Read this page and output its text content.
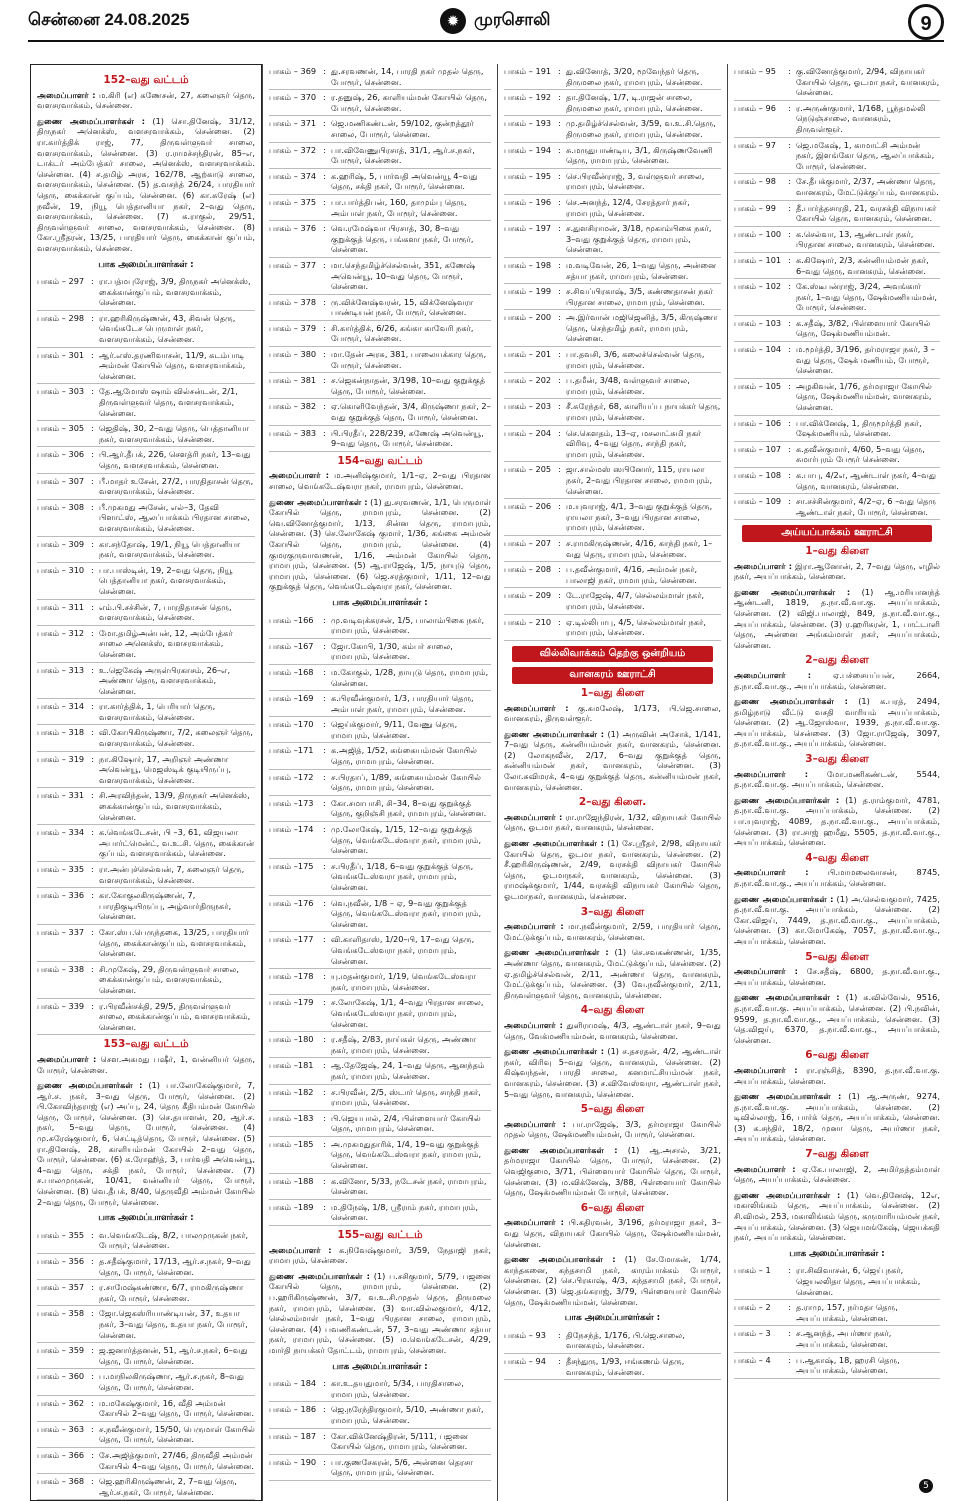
சென்னை 24.08.2025	✹ முரசொலி	9
152–வது வட்டம்

அமைப்பாளர் : ம.கிரி (எ) கணேசன், 27, கலைஞர் தெரு, வளசரவாக்கம், சென்னை.

துணை அமைப்பாளர்கள் : (1) சொ.தினேஷ், 31/12, திருநகர் அனெக்ஸ், வளசரவாக்கம், சென்னை. (2) ரா.கார்த்திக் ராஜ், 77, திருவள்ளுவர் சாலை, வளசரவாக்கம், சென்னை. (3) ர.ராமச்சந்திரன், 85–எ, டாக்டர் அம்பேத்கர் சாலை, அனெக்ஸ், வளசரவாக்கம். சென்னை. (4) ச.தமிழ் அரசு, 162/78, ஆற்காடு சாலை, வளசரவாக்கம், சென்னை. (5) த.வசந்த் 26/24, பாரதியார் தெரு, கைக்கான் குப்பம், சென்னை. (6) கா.சுரேஷ் (எ) நவீன், 19, நியூ பெத்தானியா நகர், 2–வது தெரு, வளசரவாக்கம், சென்னை. (7) க.ராகுல், 29/51, திருவள்ளுவர் சாலை, வளசரவாக்கம், சென்னை. (8) கோ.ஸ்ரீதரன், 13/25, பாரதியார் தெரு, கைக்கான் குப்பம், வளசரவாக்கம், சென்னை.

பாக அமைப்பாளர்கள் :
பாகம் – 297 : ரா.பத்மபுரோஜ், 3/9, திருநகர் அனெக்ஸ், கைக்கான்குப்பம், வளசரவாக்கம், சென்னை.
பாகம் – 298 : ரா.ஹரிகிருஷ்ணன், 43, சிவன் தெரு, வெங்கடேச பெருமாள் நகர், வளசரவாக்கம், சென்னை.
பாகம் – 301 : ஆர்.எஸ்.தரணிவாசன், 11/9, கடம்பாடி அம்மன் கோயில் தெரு, வளசரவாக்கம், சென்னை.
பாகம் – 303 : தே.ஆமோஸ் ஷாம் வில்சன்டன், 2/1, திருவள்ளுவர் தெரு, வளசரவாக்கம், சென்னை.
பாகம் – 305 : ஜெதிஷ், 30, 2–வது தெரு, பெத்தானியா நகர், வளசரவாக்கம், சென்னை.
பாகம் – 306 : பி.ஆர்.தீபக், 226, சௌத்ரி நகர், 13–வது தெரு, வளசரவாக்கம், சென்னை.
பாகம் – 307 : பீ.மாதர் உசேன், 27/2, பாரதிதாசன் தெரு, வளசரவாக்கம், சென்னை.
பாகம் – 308 : பீ.முகமது அசேன், எல்–3, தேவி பிளாட்ஸ், ஆலப்பாக்கம் பிரதான சாலை, வளசரவாக்கம், சென்னை.
பாகம் – 309 : கா.சந்தோஷ், 19/1, நியூ பெத்தானியா நகர், வளசரவாக்கம், சென்னை.
பாகம் – 310 : பா.பாஸ்டின், 19, 2–வது தெரு, நியூ பெத்தானியா நகர், வளசரவாக்கம், சென்னை.
பாகம் – 311 : எம்.பி.சச்சின், 7, பாரதிதாசன் தெரு, வளசரவாக்கம், சென்னை.
பாகம் – 312 : மோ.தமிழ்அன்பன், 12, அம்பேத்கர் சாலை அனெக்ஸ், வளசரவாக்கம், சென்னை.
பாகம் – 313 : உ.ஜெகேஷ் அருள்பிரகாசம், 26–எ, அண்ணா தெரு, வளசரவாக்கம், சென்னை.
பாகம் – 314 : ரா.கார்த்திக், 1, பெரியார் தெரு, வளசரவாக்கம், சென்னை.
பாகம் – 318 : வி.கோபிகிருஷ்ணா, 7/2, கலைஞர் தெரு, வளசரவாக்கம், சென்னை.
பாகம் – 319 : நா.கிஷோர், 17, அறிஞர் அண்ணா அவென்யூ, மெஜஸ்டிக் குடியிருப்பு, வளசரவாக்கம், சென்னை.
பாகம் – 331 : சி.அரவிந்தன், 13/9, திருநகர் அனெக்ஸ், கைக்கான்குப்பம், வளசரவாக்கம், சென்னை.
பாகம் – 334 : க.வெங்கடேசன், பி –3, 61, விஜயலா அபார்ட்மென்ட், வ.உ.சி. தெரு, கைக்கான் குப்பம், வளசரவாக்கம், சென்னை.
பாகம் – 335 : ரா.அன்புச்செல்வன், 7, கலைஞர் தெரு, வளசரவாக்கம், சென்னை.
பாகம் – 336 : கா.கோகுலகிருஷ்ணன், 7, பாரதிகுடியிருப்பு, அழ்வார்திருநகர், சென்னை.
பாகம் – 337 : கோ.ஸ்ப.பெருந்தகை, 13/25, பாரதியார் தெரு, கைக்கான்குப்பம், வளசரவாக்கம், சென்னை.
பாகம் – 338 : சி.முகேஷ், 29, திருவள்ளுவர் சாலை, கைக்கான்குப்பம், வளசரவாக்கம், சென்னை.
பாகம் – 339 : ர.பிரவீன்சக்தி, 29/5, திருவள்ளுவர் சாலை, கைக்கான்குப்பம், வளசரவாக்கம், சென்னை.
153–வது வட்டம்

அமைப்பாளர் : சௌ.அகமது பஷீர், 1, வன்னியர் தெரு, போரூர், சென்னை.

துணை அமைப்பாளர்கள் : (1) பா.லோகேஷ்குமார், 7, ஆர்.ச. நகர், 3–வது தெரு, போரூர், சென்னை. (2) பி.கோவிந்தராஜ் (எ) அப்பு, 24, தெரு கீதிபம்மன் கோயில் தெரு, போரூர், சென்னை. (3) செ.தயாளன், 20, ஆர்.ச. நகர், 5–வது தெரு, போரூர், சென்னை. (4) மு.சுரேஷ்குமார், 6, செட்டித்தெரு, போரூர், சென்னை. (5) ரா.தினேஷ், 28, காளியம்மன் கோயில் 2–வது தெரு, போரூர், சென்னை. (6) க.ரோஹித், 3, பார்வதி அவென்யூ, 4–வது தெரு, சக்தி நகர், போரூர், சென்னை. (7) ச.பாலமுருகன், 10/41, வன்னியர் தெரு, போரூர், சென்னை. (8) வெ.தீபக், 8/40, தெருவீதி அம்மன் கோயில் 2–வது தெரு, போரூர், சென்னை.

பாக அமைப்பாளர்கள் :
பாகம் – 355 : வ.வெங்கடேஷ், 8/2, பாலமுருகன் நகர், போரூர், சென்னை.
பாகம் – 356 : த.சதீஷ்குமார், 17/13, ஆர்.ச.நகர், 9–வது தெரு, போரூர், சென்னை.
பாகம் – 357 : ர.சாமேஷ்கண்ணா, 6/7, ராமகிருஷ்ணா நகர், போரூர், சென்னை.
பாகம் – 358 : ஜோ.ஜெகஸ்ரியாண்டியன், 37, உதயா நகர், 3–வது தெரு, உதயா நகர், போரூர், சென்னை.
பாகம் – 359 : ஜ.ஜனார்த்தனன், 51, ஆர்.ச.நகர், 6–வது தெரு, போரூர், சென்னை.
பாகம் – 360 : ப.மாநிலகிருஷ்ணா, ஆர்.ச.நகர், 8–வது தெரு, போரூர், சென்னை.
பாகம் – 362 : ம.மகேஷ்குமார், 16, வீதி அம்மன் கோயில் 2–வது தெரு, போரூர், சென்னை.
பாகம் – 363 : ச.நவீன்குமார், 15/50, பெருமாள் கோயில் தெரு, போரூர், சென்னை.
பாகம் – 366 : சே.அஜித்குமார், 27/46, திருவீதி அம்மன் கோயில் 4–வது தெரு, போரூர், சென்னை.
பாகம் – 368 : ஜெ.ஹரிகிருஷ்ணன், 2, 7–வது தெரு, ஆர்.ச.நகர், போரூர், சென்னை.
பாகம் – 369 : து.சரவணன், 14, பாரதி நகர் முதல் தெரு, போரூர், சென்னை.
பாகம் – 370 : ர.தனுஷ், 26, காளியம்மன் கோயில் தெரு, போரூர், சென்னை.
பாகம் – 371 : ஜெ.மணிகண்டன், 59/102, குன்றத்தூர் சாலை, போரூர், சென்னை.
பாகம் – 372 : பா.விவேணுபிரசாத், 31/1, ஆர்.ச.நகர், போரூர், சென்னை.
பாகம் – 374 : க.ஹரிஷ், 5, பார்வதி அவென்யூ 4–வது தெரு, சக்தி நகர், போரூர், சென்னை.
பாகம் – 375 : பா.பார்த்திபன், 160, தாமும்பு தெரு, அம்பாள் நகர், போரூர், சென்னை.
பாகம் – 376 : வெ.ரமேஷ்வா பிரசாத், 30, 8–வது குறுக்குத் தெரு, பங்களா நகர், போரூர், சென்னை.
பாகம் – 377 : மா.செந்தமிழ்ச்செல்வன், 351, கணேஷ் அவென்யூ, 10–வது தெரு, போரூர், சென்னை.
பாகம் – 378 : ரு.விக்னேஷ்வரன், 15, விக்னேஷ்வரா பாண்டியன் நகர், போரூர், சென்னை.
பாகம் – 379 : சி.கார்த்திக், 6/26, கங்கா காவேரி நகர், போரூர், சென்னை.
பாகம் – 380 : மா.தேன் அரசு, 381, பாலையக்கார தெரு, போரூர், சென்னை.
பாகம் – 381 : ச.ஜெகன்நாதன், 3/198, 10–வது குறுக்குத் தெரு, போரூர், சென்னை.
பாகம் – 382 : ஏ.கொளிவேந்தன், 3/4, கிருஷ்ணா நகர், 2–வது குறுக்குத் தெரு, போரூர், சென்னை.
பாகம் – 383 : பி.பிரதீப், 228/239, கணேஷ் அவென்யூ, 9–வது தெரு, போரூர், சென்னை.
154–வது வட்டம்

அமைப்பாளர் : ம.அனிஷ்குமார், 1/1–ஏ, 2–வது பிரதான சாலை, வெங்கடேஷ்வரா நகர், ராமாபுரம், சென்னை.

துணை அமைப்பாளர்கள் : (1) து.சரவணன், 1/1, பெருமாள் கோயில் தெரு, ராமாபுரம், சென்னை. (2) வெ.வினோத்குமார், 1/13, சின்ன தெரு, ராமாபுரம், சென்னை. (3) செ.லோகேஷ் குமார், 1/36, கங்கை அம்மன் கோயில் தெரு, ராமாபுரம், சென்னை. (4) குமரகுருவாவணன், 1/16, அம்மன் கோயில் தெரு, ராமாபுரம், சென்னை. (5) ஆ.ராஜேஷ், 1/5, நாயுடு தெரு, ராமாபுரம், சென்னை. (6) ஜெ.சரத்குமார், 1/11, 12–வது குறுக்குத் தெரு, வெங்கடேஷ்வரா நகர், சென்னை.

பாக அமைப்பாளர்கள் :
பாகம் –166	: மு.வடிவுக்கரசன், 1/5, பாலாம்பிகை நகர், ராமாபுரம், சென்னை.
பாகம் –167	: ஜோ.கோபி, 1/30, கம்பர் சாலை, ராமாபுரம், சென்னை.
பாகம் –168	: ம.கோகுல், 1/28, நாயுடு தெரு, ராமாபுரம், சென்னை.
பாகம் –169	: க.பிரவீன்குமார், 1/3, பாரதியார் தெரு, அம்பாள் நகர், ராமாபுரம், சென்னை.
பாகம் –170	: ஜெய்க்குமார், 9/11, வேணு தெரு, ராமாபுரம், சென்னை.
பாகம் –171	: க.அஜித், 1/52, கங்கையம்மன் கோயில் தெரு, ராமாபுரம், சென்னை.
பாகம் –172	: ச.பிரதாப், 1/89, கங்கையம்மன் கோயில் தெரு, ராமாபுரம், சென்னை.
பாகம் –173	: கோ.சமாபாசி, சி–34, 8–வது குறுக்குத் தெரு, குறிஞ்சி நகர், ராமாபுரம், சென்னை.
பாகம் –174	: மு.லோகேஷ், 1/15, 12–வது குறுக்குத் தெரு, வெங்கடேஸ்வரா நகர், ராமாபுரம், சென்னை.
பாகம் –175	: ச.பிரதீப், 1/18, 6–வது குறுக்குத் தெரு, வெங்கடேஸ்வரா நகர், ராமாபுரம், சென்னை.
பாகம் –176	: வெ.நவீன், 1/8 – ஏ, 9–வது குறுக்குத் தெரு, வெங்கடேஸ்வரா நகர், ராமாபுரம், சென்னை.
பாகம் –177	: வி.காளிதாஸ், 1/20–பி, 17–வது தெரு, வெங்கடேஸ்வரா நகர், ராமாபுரம், சென்னை.
பாகம் –178	: யு.மதன்குமார், 1/19, வெங்கடேஸ்வரா நகர், ராமாபுரம், சென்னை.
பாகம் –179	: ச.லோகேஷ், 1/1, 4–வது பிரதான சாலை, வெங்கடேஸ்வரா நகர், ராமாபுரம், சென்னை.
பாகம் –180	: ர.சதீஷ், 2/83, நாய்கள் தெரு, அண்ணா நகர், ராமாபுரம், சென்னை.
பாகம் –181	: ஆ.தேஜேஷ், 24, 1–வது தெரு, ஆனந்தம் நகர், ராமாபுரம், சென்னை.
பாகம் –182	: ச.பிரவீன், 2/5, ஸ்டார் தெரு, சாந்தி நகர், ராமாபுரம், சென்னை.
பாகம் –183	: பி.ஜெயபால், 2/4, பிள்ளையார் கோயில் தெரு, ராமாபுரம், சென்னை.
பாகம் –185	: அ.முகமதுதாரிக், 1/4, 19–வது குறுக்குத் தெரு, வெங்கடேஸ்வரா நகர், ராமாபுரம், சென்னை.
பாகம் –188	: க.வினோ, 5/33, நடேசன் நகர், ராமாபுரம், சென்னை.
பாகம் –189	: ம.திநேஷ், 1/8, ஸ்ரீராம் நகர், ராமாபுரம், சென்னை.
155–வது வட்டம்

அமைப்பாளர் : க.நிவேஷ்குமார், 3/59, நேதாஜி நகர், ராமாபுரம், சென்னை.

துணை அமைப்பாளர்கள் : (1) ப.சசிகுமார், 5/79, பஜனை கோயில் தெரு, ராமாபுரம், சென்னை. (2) ப.ஹரிகிருஷ்ணன், 3/7, வ.உ.சி.முதல் தெரு, திருமலை நகர், ராமாபுரம், சென்னை. (3) வா.வில்லகுமார், 4/12, செல்லம்மாள் நகர், 1–வது பிரதான சாலை, ராமாபுரம், சென்னை. (4) பவணிகண்டன், 57, 3–வது அண்ணா சத்யா நகர், ராமாபுரம், சென்னை. (5) ம.வெங்கடேசன், 4/29, மார்தி நாயக்கர் தோட்டம், ராமாபுரம், சென்னை.

பாக அமைப்பாளர்கள் :
பாகம் – 184 : கா.உ.தயதுமார், 5/34, பாரதிசாலை, ராமாபுரம், சென்னை.
பாகம் – 186 : ஜெ.நரேந்திரகுமார், 5/10, அண்ணா நகர், ராமாபுரம், சென்னை.
பாகம் – 187 : கோ.விக்னேஷ்திரன், 5/111, பஜனை கோயில் தெரு, ராமாபுரம், சென்னை.
பாகம் – 190 : பா.குணசேகரன், 5/6, அன்னை தெரசா தெரு, ராமாபுரம், சென்னை.
பாகம் – 191 : து.வினோத், 3/20, மூவேந்தர் தெரு, திருமலை நகர், ராமாபுரம், சென்னை.
பாகம் – 192 : தா.தினேஷ், 1/7, டி.ராஜன் சாலை, திருமலை நகர், ராமாபுரம், சென்னை.
பாகம் – 193 : மு.தமிழ்ச்செல்வன், 3/59, வ.உ.சி.தெரு, திருமலை நகர், ராமாபுரம், சென்னை.
பாகம் – 194 : சு.மருதுபாண்டிய, 3/1, கிருஷ்ணவேணி தெரு, ராமாபுரம், சென்னை.
பாகம் – 195 : செ.பிரவீன்ராஜ், 3, வள்ளுவர் சாலை, ராமாபுரம், சென்னை.
பாகம் – 196 : செ.அனந்த், 12/4, சேரத்தார் நகர், ராமாபுரம், சென்னை.
பாகம் – 197 : ச.துளசிராமன், 3/18, மூகாம்பிகை நகர், 3–வது குறுக்குத் தெரு, ராமாபுரம், சென்னை.
பாகம் – 198 : ம.வடிவேன், 26, 1–வது தெரு, அன்னை சத்யா நகர், ராமாபுரம், சென்னை.
பாகம் – 199 : ச.சிவப்பிரகாஷ், 3/5, கண்ணதாசன் நகர் பிரதான சாலை, ராமாபுரம், சென்னை.
பாகம் – 200 : அ.இர்வான் மஜிஜெனித், 3/5, கிருஷ்ணா தெரு, செந்தமிழ் நகர், ராமாபுரம், சென்னை.
பாகம் – 201 : பா.தவசி, 3/6, கலைச்செல்வன் தெரு, ராமாபுரம், சென்னை.
பாகம் – 202 : ப.தமீன், 3/48, வள்ளுவர் சாலை, ராமாபுரம், சென்னை.
பாகம் – 203 : சீ.சுரேந்தர், 68, காளியப்ப நாயக்கர் தெரு, ராமாபுரம், சென்னை.
பாகம் – 204 : செ.கௌதம், 13–ஏ, மசலாட்சுமி நகர் விரிவு, 4–வது தெரு, சாந்தி நகர், ராமாபுரம், சென்னை.
பாகம் – 205 : ஜா.சால்மஸ் ஸபினோர், 115, ராயலா நகர், 2–வது பிரதான சாலை, ராமாபுரம், சென்னை.
பாகம் – 206 : ம.யுவராஜ், 4/1, 3–வது குறுக்குத் தெரு, ராயலா நகர், 3–வது பிரதான சாலை, ராமாபுரம், சென்னை.
பாகம் – 207 : ச.ராமகிருஷ்ணன், 4/16, காந்தி நகர், 1–வது தெரு, ராமாபுரம், சென்னை.
பாகம் – 208 : ப.தவீன்குமார், 4/16, அம்மன் நகர், பாலாஜி நகர், ராமாபுரம், சென்னை.
பாகம் – 209 : டே.ராஜேஷ், 4/7, செல்லம்மாள் நகர், ராமாபுரம், சென்னை.
பாகம் – 210 : ஏ.டில்லிபாபு, 4/5, செல்லம்மாள் நகர், ராமாபுரம், சென்னை.
வில்லிவாக்கம் தெற்கு ஒன்றியம்
வானகரம் ஊராட்சி
1–வது கிளை

அமைப்பாளர் : கு.சுமலேஷ், 1/173, பி.ஜெ.சாலை, வானகரம், திருவள்ளூர்.

துணை அமைப்பாளர்கள் : (1) அருவின் அசோக், 1/141, 7–வது தெரு, கன்னியம்மன் நகர், வானகரம், சென்னை. (2) லோகநவீன், 2/17, 6–வது குறுக்குத் தெரு, கன்னியம்மன் நகர், வானகரம், சென்னை. (3) லோ.சுவிமரக், 4–வது குறுக்குத் தெரு, கன்னியம்மன் நகர், வானகரம், சென்னை.

2–வது கிளை.

அமைப்பாளர் : ரா.ராஜேந்திரன், 1/32, விநாயகர் கோயில் தெரு, ஓடமா நகர், வானகரம், சென்னை.

துணை அமைப்பாளர்கள் : (1) சே.ஸ்ரீதர், 2/98, விநாயகர் கோயில் தெரு, ஓடமா நகர், வானகரம், சென்னை. (2) சீ.ஹரிகிருஷ்ணன், 2/49, வரசக்தி விநாயகர் கோயில் தெரு, ஓடமாநகர், வானகரம், சென்னை. (3) ராமஷ்க்குமார், 1/44, வரசக்தி விநாயகர் கோயில் தெரு, ஓடமாநகர், வானகரம், சென்னை.

3–வது கிளை

அமைப்பாளர் : மா.நவீன்குமார், 2/59, பாரதியார் தெரு, மேட்டுக்குப்பம், வானகரம், சென்னை.

துணை அமைப்பாளர்கள் : (1) செ.சவகண்ணன், 1/35, அண்ணா தெரு, வானகரம், மேட்டுக்குப்பம், சென்னை. (2) ஏ.தமிழ்ச்செல்வன், 2/11, அண்ணா தெரு, வானகரம், மேட்டுக்குப்பம், சென்னை. (3) வே.நவீன்குமார், 2/11, திருவள்ளுவர் தெரு, வானகரம், சென்னை.

4–வது கிளை

அமைப்பாளர் : துளிராமஷ், 4/3, ஆண்டாள் நகர், 9–வது தெரு, வேக்மணியம்மன், வானகரம், சென்னை.

துணை அமைப்பாளர்கள் : (1) ச.தசரதன், 4/2, ஆண்டாள் நகர், விரிவு 5–வது தெரு, வானகரம், சென்னை. (2) கிஷ்வந்தன், பாரதி சாலை, கனமாட்சியம்மன் நகர், வானகரம், சென்னை. (3) ச.விவேஸ்வரா, ஆண்டாள் நகர், 5–வது தெரு, வானகரம், சென்னை.

5–வது கிளை

அமைப்பாளர் : பா.ராஜேஷ், 3/3, தர்மராஜா கோயில் முதல் தெரு, ஷேக்மணியம்மன், போரூர், சென்னை.

துணை அமைப்பாளர்கள் : (1) ஆ.அசால், 3/21, தர்மராஜா கோயில் தெரு, போரூர், சென்னை. (2) வெஜிகுமை, 3/71, பிள்ளையார் கோயில் தெரு, போரூர், சென்னை. (3) ம.விக்னேஷ், 3/88, பிள்ளையார் கோயில் தெரு, ஷேக்மணியம்மன் போரூர், சென்னை.

6–வது கிளை

அமைப்பாளர் : பி.கதிரவன், 3/196, தர்மராஜா நகர், 3–வது தெரு, விநாயகர் கோயில் தெரு, ஷேக்மணியம்மன், சென்னை.

துணை அமைப்பாளர்கள் : (1) சே.மோகன், 1/74, காந்தகனை, கந்தசாமி நகர், காரம்பாக்கம் போரூர், சென்னை. (2) செ.பிரகாஷ், 4/3, கந்தசாமி நகர், போரூர், சென்னை. (3) ஜெ.தங்கராஜ், 3/79, பிள்ளையார் கோயில் தெரு, ஷேக்மணியம்மன், சென்னை.

பாக அமைப்பாளர்கள் :
பாகம் – 93	: திநேசந்த், 1/176, பி.ஜெ.சாலை, வானகரம், சென்னை.
பாகம் – 94	: தீசந்துரு, 1/93, ஈங்கணம் தெரு, வானகரம், சென்னை.
பாகம் – 95	: கு.வினோத்குமார், 2/94, விநாயகர் கோயில் தெரு, ஓடமா நகர், வானகரம், சென்னை.
பாகம் – 96	: ர.அருண்குமார், 1/168, பூந்தமல்லி நெடுஞ்சாலை, வானகரம், திருவள்ளூர்.
பாகம் – 97	: ஜெ.மகேஷ், 1, காமாட்சி அம்மன் நகர், இளங்கோ தெரு, ஆலப்பாக்கம், போரூர், சென்னை.
பாகம் – 98	: சே.தீபக்குமார், 2/37, அண்ணா தெரு, வானகரம், மேட்டுக்குப்பம், வானகரம்.
பாகம் – 99	: தீ.பார்த்தசாரதி, 21, வரசக்தி விநாயகர் கோயில் தெரு, வானகரம், சென்னை.
பாகம் – 100 : க.செல்வா, 13, ஆண்டாள் நகர், பிரதான சாலை, வானகரம், சென்னை.
பாகம் – 101 : க.கிஷோர், 2/3, கன்னியம்மன் நகர், 6–வது தெரு, வானகரம், சென்னை.
பாகம் – 102 : கே.ஸ்டீபன்ராஜ், 3/24, அவங்கார் நகர், 1–வது தெரு, ஷேக்மணியம்மன், போரூர், சென்னை.
பாகம் – 103 : க.சதீஷ், 3/82, பிள்ளையார் கோயில் தெரு, ஷேக்மணியம்மன்.
பாகம் – 104 : ம.மூர்த்தி, 3/196, தர்மராஜா நகர், 3 – வது தெரு, ஷேக் மணியம், போரூர், சென்னை.
பாகம் – 105 : அழகிவன், 1/76, தர்மராஜா கோயில் தெரு, ஷேக்மணியம்மன், வானகரம், சென்னை.
பாகம் – 106 : பா.விக்னேஷ், 1, திருமூர்த்தி நகர், ஷேக்மணியம், சென்னை.
பாகம் – 107 : க.தவீன்குமார், 4/60, 5–வது தெரு, சுமார்புரம் பேரூர் சென்னை.
பாகம் – 108 : க.பாபு, 4/2எ, ஆண்டாள் நகர், 4–வது தெரு, வானகரம், சென்னை.
பாகம் – 109 : சா.சச்சின்குமார், 4/2–ஏ, 6 –வது தெரு ஆண்டாள் நகர், போரூர், சென்னை.
அய்யப்பாக்கம் ஊராட்சி
1–வது கிளை

அமைப்பாளர் : இரா.ஆனோன், 2, 7–வது தெரு, எழில் நகர், அயப்பாக்கம், சென்னை.

துணை அமைப்பாளர்கள் : (1) ஆ.மரியானந்த் ஆண்டனி, 1819, த.நா.வீ.வா.கு. அயப்பாக்கம், சென்னை. (2) விஜி.பாலாஜி, 849, த.நா.வீ.வா.கு., அயப்பாக்கம், சென்னை. (3) ர.ஹரிகரன், 1, பாட்டாளி தெரு, அன்னை அங்கம்மாள் நகர், அயப்பாக்கம், சென்னை.

2–வது கிளை

அமைப்பாளர் :	ஏ.பச்சையப்பன், 2664, த.நா.வீ.வா.கு., அயப்பாக்கம், சென்னை.

துணை அமைப்பாளர்கள் : (1) க.பரத், 2494, தமிழ்நாடு வீட்டு வசதி வாரியம் அயப்பாக்கம், சென்னை. (2) ஆ.ஜோஸ்வா, 1939, த.நா.வீ.வா.கு. அயப்பாக்கம், சென்னை. (3) ஜோ.ராஜேஷ், 3097, த.நா.வீ.வா.கு., அயப்பாக்கம், சென்னை.

3–வது கிளை

அமைப்பாளர் : மோ.மணிகண்டன், 5544, த.நா.வீ.வா.கு. அயப்பாக்கம், சென்னை.

துணை அமைப்பாளர்கள் : (1) த.ராம்குமார், 4781, த.நா.வீ.வா.கு. அயப்பாக்கம், சென்னை. (2) பா.யுவராஜ், 4089, த.நா.வீ.வா.கு., அயப்பாக்கம், சென்னை. (3) ரா.சாஜ் ஹமீது, 5505, த.நா.வீ.வா.கு., அயப்பாக்கம், சென்னை.

4–வது கிளை

அமைப்பாளர் : பி.மாமலைவாசன், 8745, த.நா.வீ.வா.கு., அயப்பாக்கம், சென்னை.

துணை அமைப்பாளர்கள் : (1) அ.செல்வகுமார், 7425, த.நா.வீ.வா.கு. அயப்பாக்கம், சென்னை. (2) கோ.விஜய், 7449, த.நா.வீ.வா.கு., அயப்பாக்கம், சென்னை. (3) கா.மோகேஷ், 7057, த.நா.வீ.வா.கு., அயப்பாக்கம், சென்னை.

5–வது கிளை

அமைப்பாளர் : சே.சதீஷ், 6800, த.நா.வீ.வா.கு., அயப்பாக்கம், சென்னை.

துணை அமைப்பாளர்கள் : (1) க.வில்வேல், 9516, த.நா.வீ.வா.கு. அயப்பாக்கம், சென்னை. (2) பி.நவின், 9599, த.நா.வீ.வா.கு., அயப்பாக்கம், சென்னை. (3) தெ.விஜய், 6370, த.நா.வீ.வா.கு., அயப்பாக்கம், சென்னை.

6–வது கிளை

அமைப்பாளர் : ரா.ரஞ்சித், 8390, த.நா.வீ.வா.கு. அயப்பாக்கம், சென்னை.

துணை அமைப்பாளர்கள் : (1) ஆ.அருண், 9274, த.நா.வீ.வா.கு. அயப்பாக்கம், சென்னை. (2) டிவில்லாஜ், 16, பார்க் தெரு, அயப்பாக்கம், சென்னை. (3) க.சந்திர், 18/2, முனா தெரு, அபர்ணா நகர், அயப்பாக்கம், சென்னை.

7–வது கிளை

அமைப்பாளர் : ஏ.கே.பாலாஜி, 2, அமிர்தத்தம்மாள் தெரு, அயப்பாக்கம், சென்னை.

துணை அமைப்பாளர்கள் : (1) வெ.தினேஷ், 12எ, மகாலிங்கம் தெரு, அயப்பாக்கம், சென்னை. (2) சி.விமல், 253, மகாலிங்கம் தெரு, கருமாரியம்மன் நகர், அயப்பாக்கம், சென்னை. (3) ஜெயமங்கேஷ், ஜெயக்கதி நகர், அயப்பாக்கம், சென்னை.

பாக அமைப்பாளர்கள் :
பாகம் – 1	: ரா.சிவிவாசன், 6, ஜெய் நகர், ஜெயலலிதா தெரு, அயப்பாக்கம், சென்னை.
பாகம் – 2	: த.ராமு, 157, நர்மதா தெரு, அயப்பாக்கம், சென்னை.
பாகம் – 3	: ச.ஆனந்த், அபர்ணா நகர், அயப்பாக்கம், சென்னை.
பாகம் – 4	: ப.ஆகாஷ், 18, ஹரசி தெரு, அயப்பாக்கம், சென்னை.
5
